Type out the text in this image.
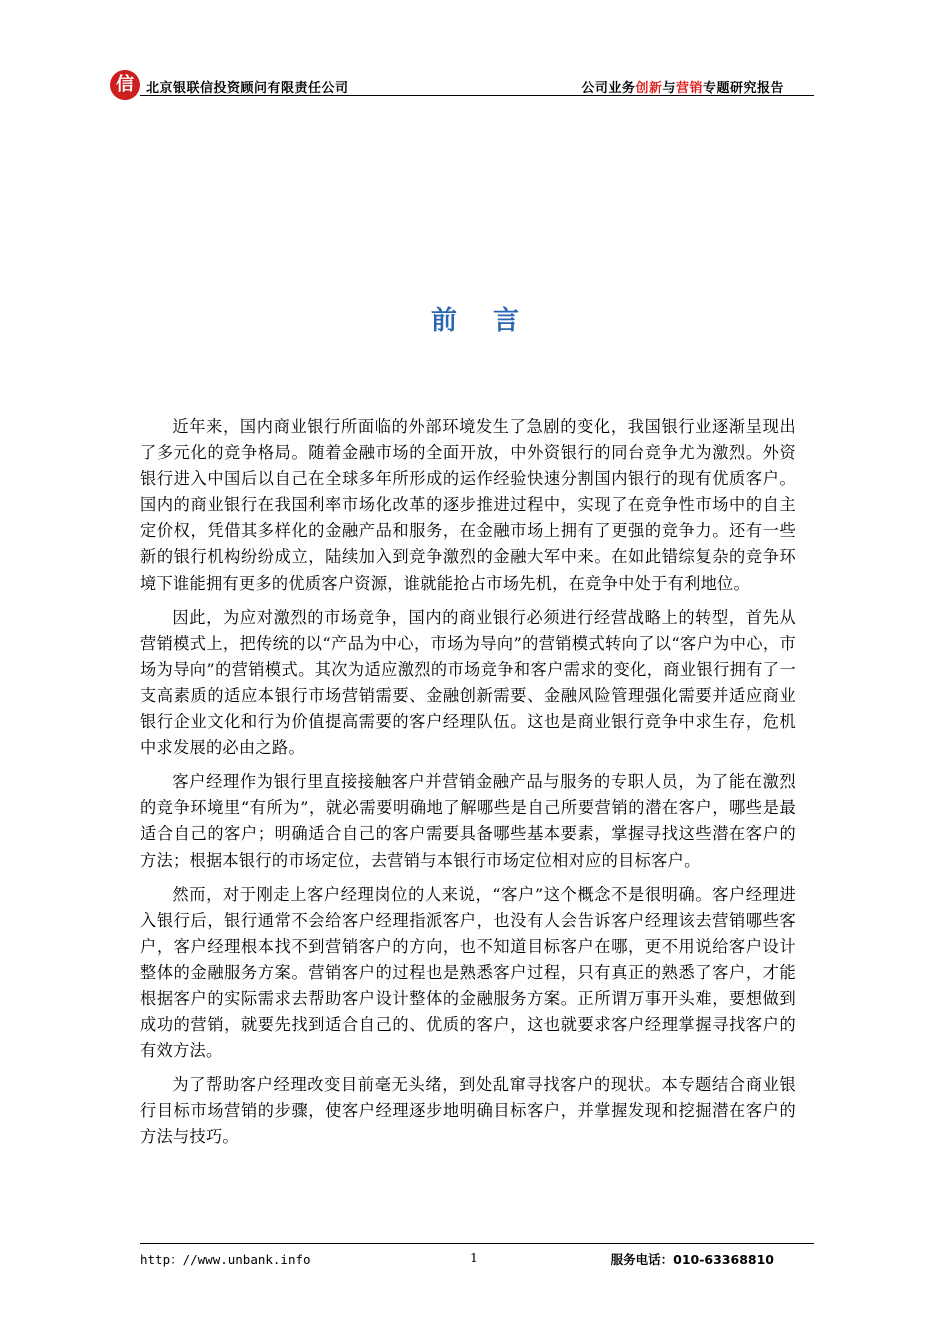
信 北京银联信投资顾问有限责任公司	公司业务创新与营销专题研究报告
前言

近年来，国内商业银行所面临的外部环境发生了急剧的变化，我国银行业逐渐呈现出了多元化的竞争格局。随着金融市场的全面开放，中外资银行的同台竞争尤为激烈。外资银行进入中国后以自己在全球多年所形成的运作经验快速分割国内银行的现有优质客户。国内的商业银行在我国利率市场化改革的逐步推进过程中，实现了在竞争性市场中的自主定价权，凭借其多样化的金融产品和服务，在金融市场上拥有了更强的竞争力。还有一些新的银行机构纷纷成立，陆续加入到竞争激烈的金融大军中来。在如此错综复杂的竞争环境下谁能拥有更多的优质客户资源，谁就能抢占市场先机，在竞争中处于有利地位。

因此，为应对激烈的市场竞争，国内的商业银行必须进行经营战略上的转型，首先从营销模式上，把传统的以“产品为中心，市场为导向”的营销模式转向了以“客户为中心，市场为导向”的营销模式。其次为适应激烈的市场竞争和客户需求的变化，商业银行拥有了一支高素质的适应本银行市场营销需要、金融创新需要、金融风险管理强化需要并适应商业银行企业文化和行为价值提高需要的客户经理队伍。这也是商业银行竞争中求生存，危机中求发展的必由之路。

客户经理作为银行里直接接触客户并营销金融产品与服务的专职人员，为了能在激烈的竞争环境里“有所为”，就必需要明确地了解哪些是自己所要营销的潜在客户，哪些是最适合自己的客户；明确适合自己的客户需要具备哪些基本要素，掌握寻找这些潜在客户的方法；根据本银行的市场定位，去营销与本银行市场定位相对应的目标客户。

然而，对于刚走上客户经理岗位的人来说，“客户”这个概念不是很明确。客户经理进入银行后，银行通常不会给客户经理指派客户，也没有人会告诉客户经理该去营销哪些客户，客户经理根本找不到营销客户的方向，也不知道目标客户在哪，更不用说给客户设计整体的金融服务方案。营销客户的过程也是熟悉客户过程，只有真正的熟悉了客户，才能根据客户的实际需求去帮助客户设计整体的金融服务方案。正所谓万事开头难，要想做到成功的营销，就要先找到适合自己的、优质的客户，这也就要求客户经理掌握寻找客户的有效方法。

为了帮助客户经理改变目前毫无头绪，到处乱窜寻找客户的现状。本专题结合商业银行目标市场营销的步骤，使客户经理逐步地明确目标客户，并掌握发现和挖掘潜在客户的方法与技巧。

http：//www.unbank.info	1	服务电话：010-63368810
